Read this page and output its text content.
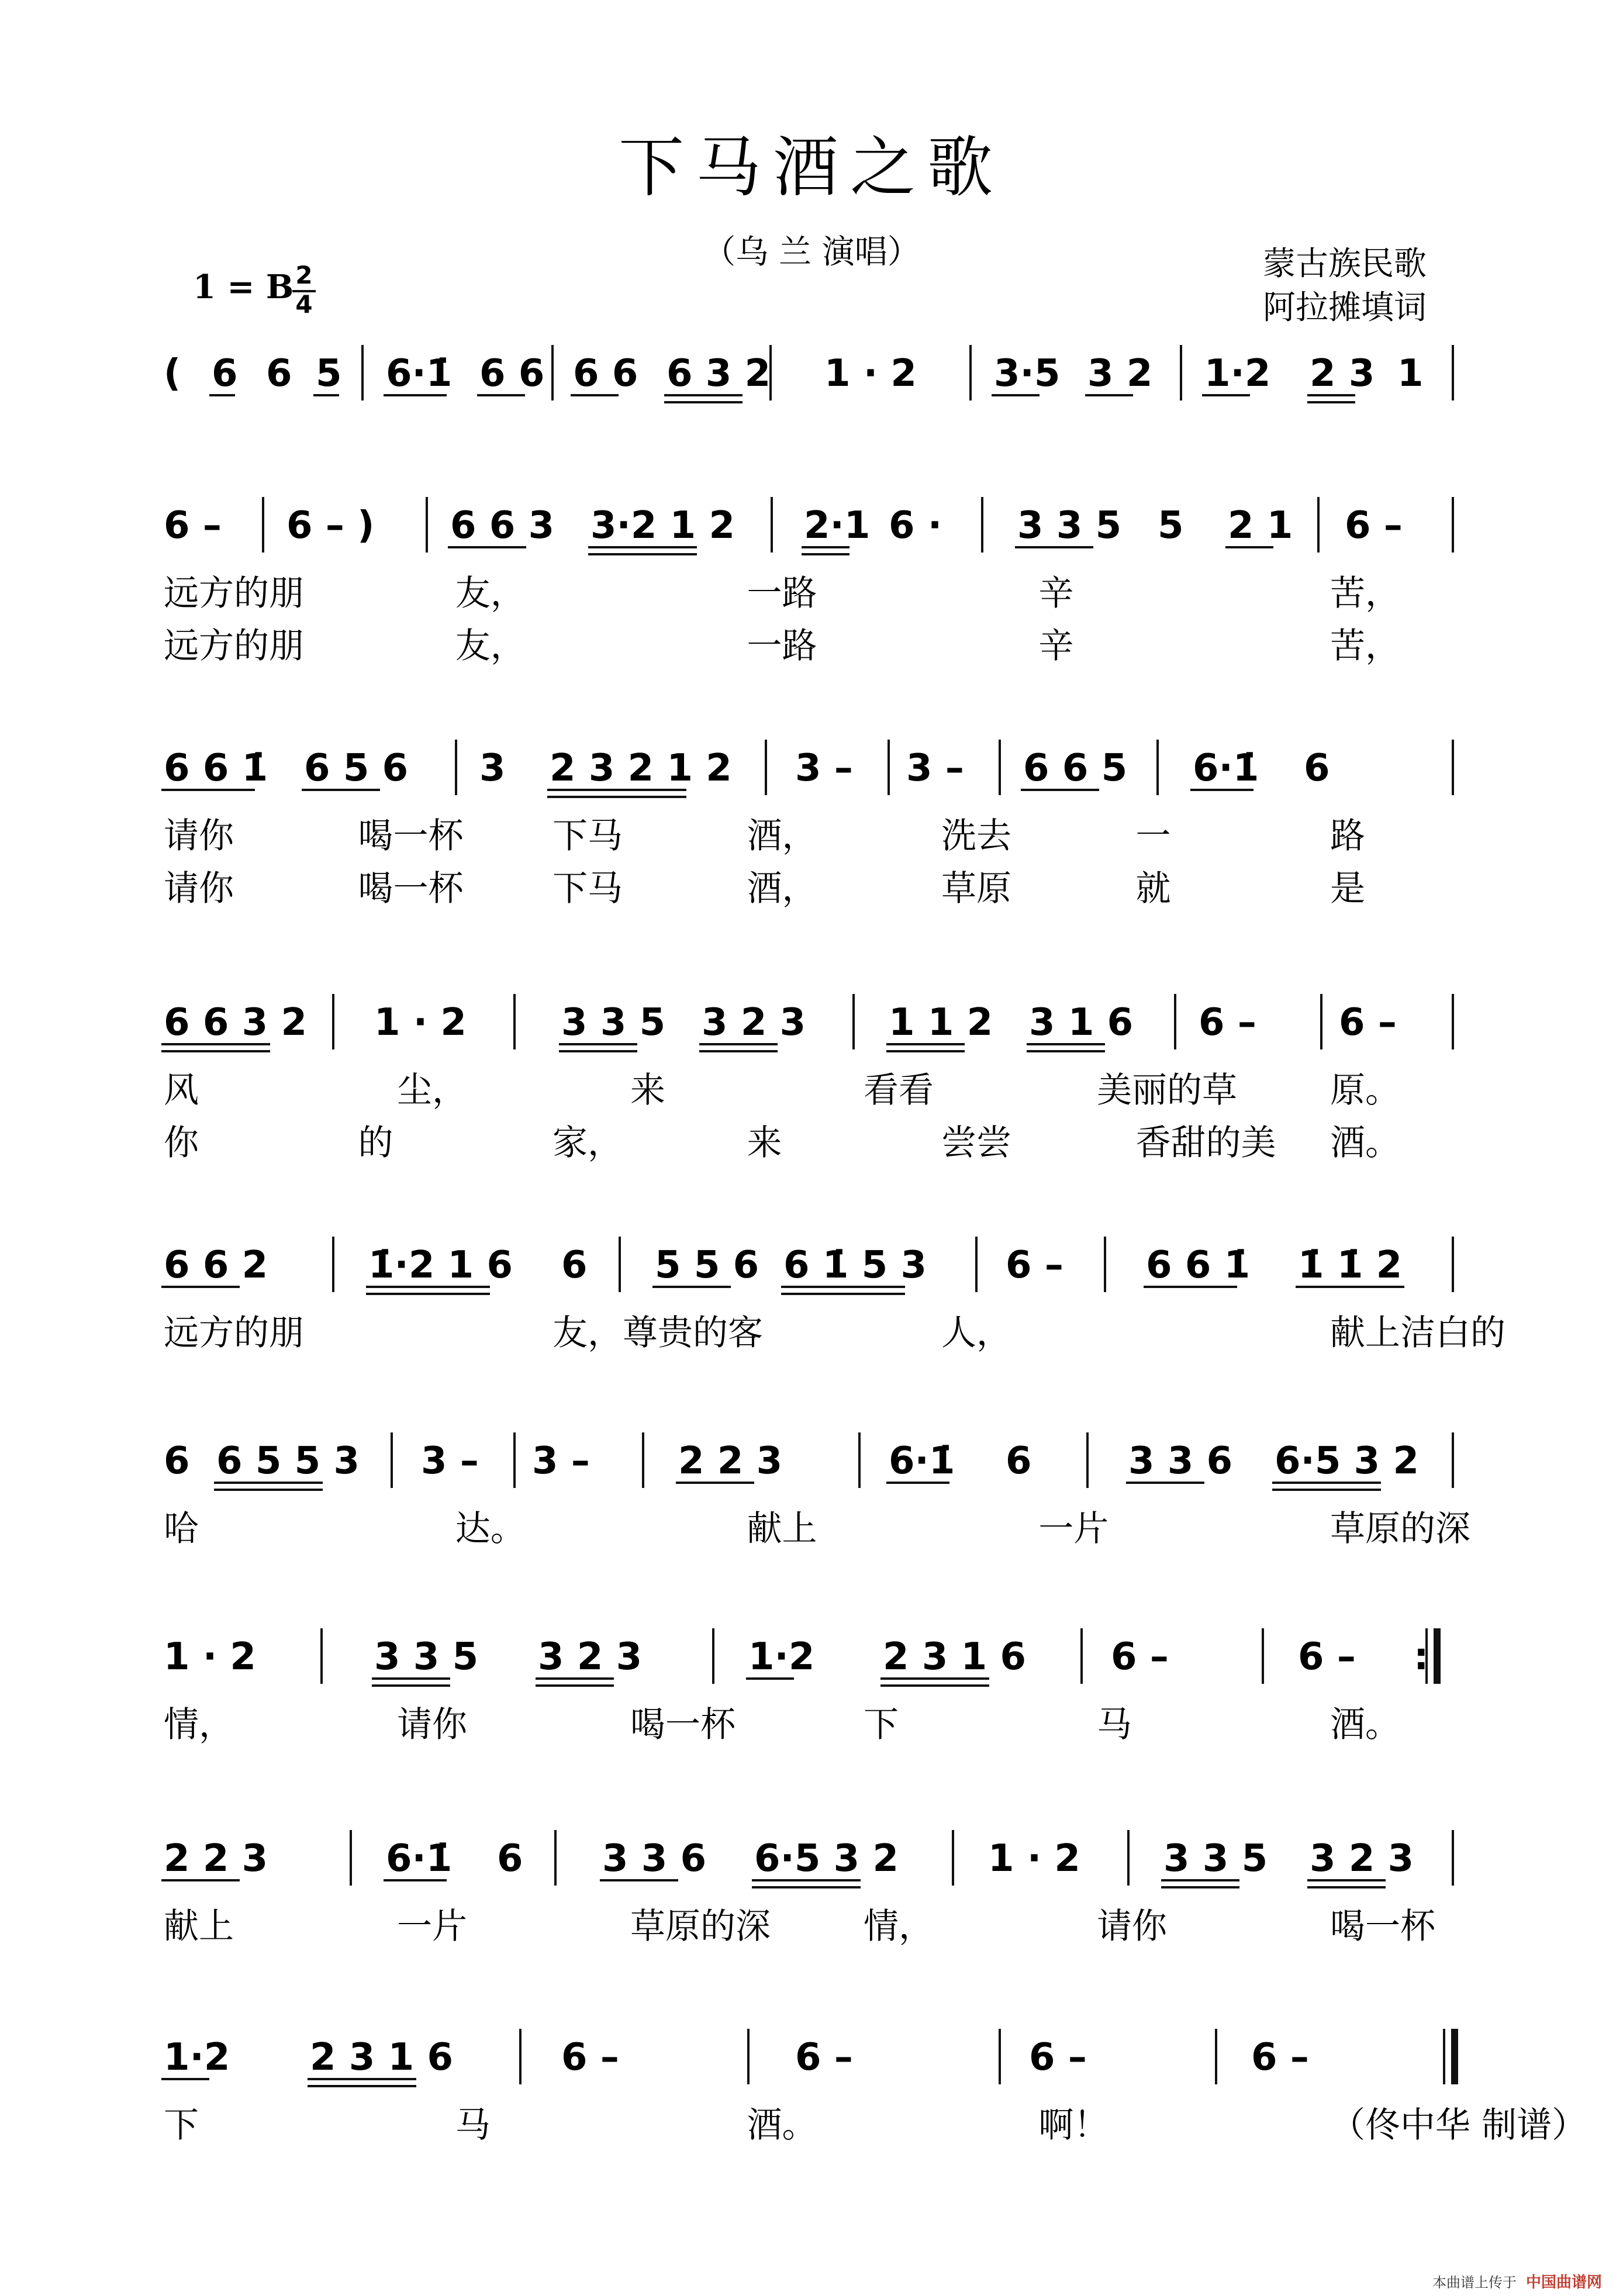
下马酒之歌
（乌 兰 演唱）
1 = B 2
4
蒙古族民歌
阿拉摊填词
( 6 6 5 6·1̇ 6 6 6 6 6 3 2 1 · 2 3·5 3 2 1·2 2 3 1
6 – 6 – ) 6 6 3 3·2 1 2 2·1 6 · 3 3 5 5 2 1 6 –
远方的朋	友，	一路	辛	苦，
远方的朋	友，	一路	辛	苦，
6 6 1̇ 6 5 6 3 2 3 2 1 2 3 – 3 – 6 6 5 6·1̇ 6
请你	喝一杯	下马	酒，	洗去	一	路
请你	喝一杯	下马	酒，	草原	就	是
6 6 3 2 1 · 2	3 3 5 3 2 3 1 1 2 3 1 6 6 – 6 –
风	尘，	来	看看	美丽的草	原。
你	的	家，	来	尝尝	香甜的美 酒。
6 6 2	1̇·2 1 6 6 5 5 6 6 1̇ 5 3 6 – 6 6 1̇ 1̇ 1̇ 2
远方的朋	友，尊贵的客	人，	献上洁白的
6 6 5 5 3 3 – 3 – 2 2 3	6·1̇ 6	3 3 6 6·5 3 2
哈	达。	献上	一片	草原的深
1 · 2	3 3 5 3 2 3	1·2 2 3 1 6 6 –	6 – :
情，	请你	喝一杯	下	马	酒。
2 2 3	6·1̇ 6 3 3 6 6·5 3 2 1 · 2 3 3 5 3 2 3
献上	一片	草原的深	情，	请你	喝一杯
1·2 2 3 1 6	6 –	6 –	6 –	6 –
下	马	酒。	啊！	（佟中华 制谱）
本曲谱上传于 中国曲谱网
